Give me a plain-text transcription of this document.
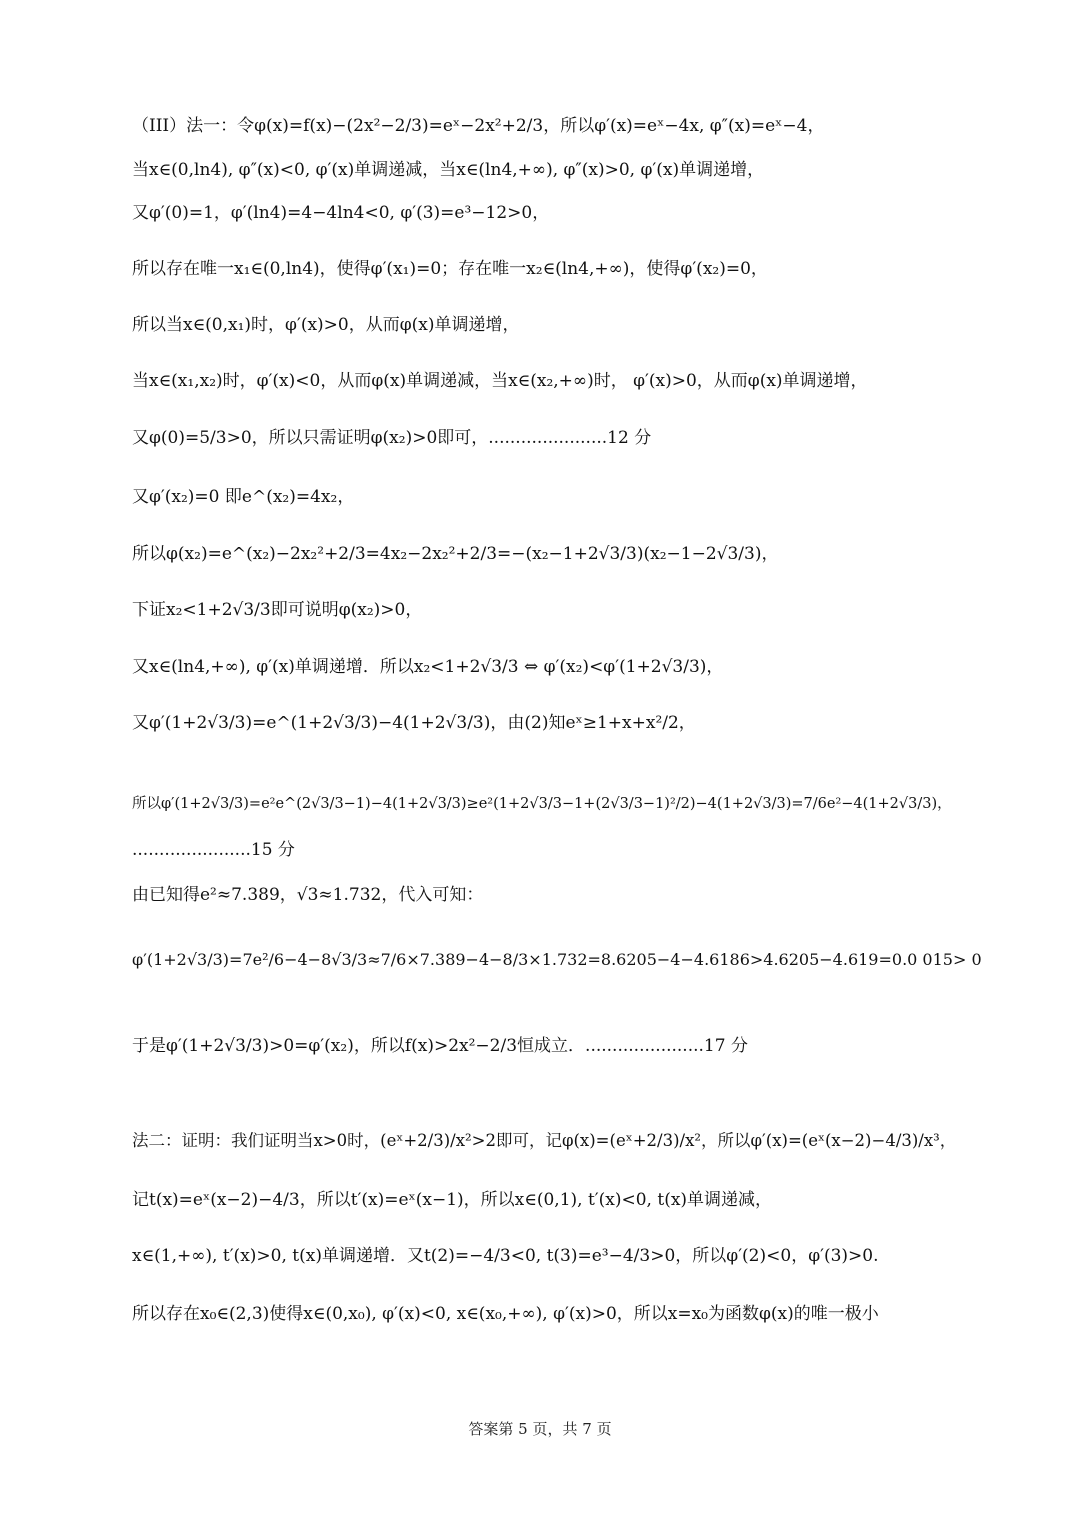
（III）法一：令φ(x)=f(x)−(2x²−2/3)=eˣ−2x²+2/3，所以φ′(x)=eˣ−4x, φ″(x)=eˣ−4，
当x∈(0,ln4), φ″(x)<0, φ′(x)单调递减，当x∈(ln4,+∞), φ″(x)>0, φ′(x)单调递增，
又φ′(0)=1，φ′(ln4)=4−4ln4<0, φ′(3)=e³−12>0，
所以存在唯一x₁∈(0,ln4)，使得φ′(x₁)=0；存在唯一x₂∈(ln4,+∞)，使得φ′(x₂)=0，
所以当x∈(0,x₁)时，φ′(x)>0，从而φ(x)单调递增，
当x∈(x₁,x₂)时，φ′(x)<0，从而φ(x)单调递减，当x∈(x₂,+∞)时， φ′(x)>0，从而φ(x)单调递增，
又φ(0)=5/3>0，所以只需证明φ(x₂)>0即可，......................12 分
又φ′(x₂)=0 即e^(x₂)=4x₂，
所以φ(x₂)=e^(x₂)−2x₂²+2/3=4x₂−2x₂²+2/3=−(x₂−1+2√3/3)(x₂−1−2√3/3)，
下证x₂<1+2√3/3即可说明φ(x₂)>0，
又x∈(ln4,+∞), φ′(x)单调递增．所以x₂<1+2√3/3 ⇔ φ′(x₂)<φ′(1+2√3/3)，
又φ′(1+2√3/3)=e^(1+2√3/3)−4(1+2√3/3)，由(2)知eˣ≥1+x+x²/2，
所以φ′(1+2√3/3)=e²e^(2√3/3−1)−4(1+2√3/3)≥e²(1+2√3/3−1+(2√3/3−1)²/2)−4(1+2√3/3)=7/6e²−4(1+2√3/3)，
......................15 分
由已知得e²≈7.389，√3≈1.732，代入可知：
φ′(1+2√3/3)=7e²/6−4−8√3/3≈7/6×7.389−4−8/3×1.732=8.6205−4−4.6186>4.6205−4.619=0.0 015> 0
于是φ′(1+2√3/3)>0=φ′(x₂)，所以f(x)>2x²−2/3恒成立．......................17 分
法二：证明：我们证明当x>0时，(eˣ+2/3)/x²>2即可，记φ(x)=(eˣ+2/3)/x²，所以φ′(x)=(eˣ(x−2)−4/3)/x³，
记t(x)=eˣ(x−2)−4/3，所以t′(x)=eˣ(x−1)，所以x∈(0,1), t′(x)<0, t(x)单调递减，
x∈(1,+∞), t′(x)>0, t(x)单调递增．又t(2)=−4/3<0, t(3)=e³−4/3>0，所以φ′(2)<0，φ′(3)>0.
所以存在x₀∈(2,3)使得x∈(0,x₀), φ′(x)<0, x∈(x₀,+∞), φ′(x)>0，所以x=x₀为函数φ(x)的唯一极小
答案第 5 页，共 7 页
